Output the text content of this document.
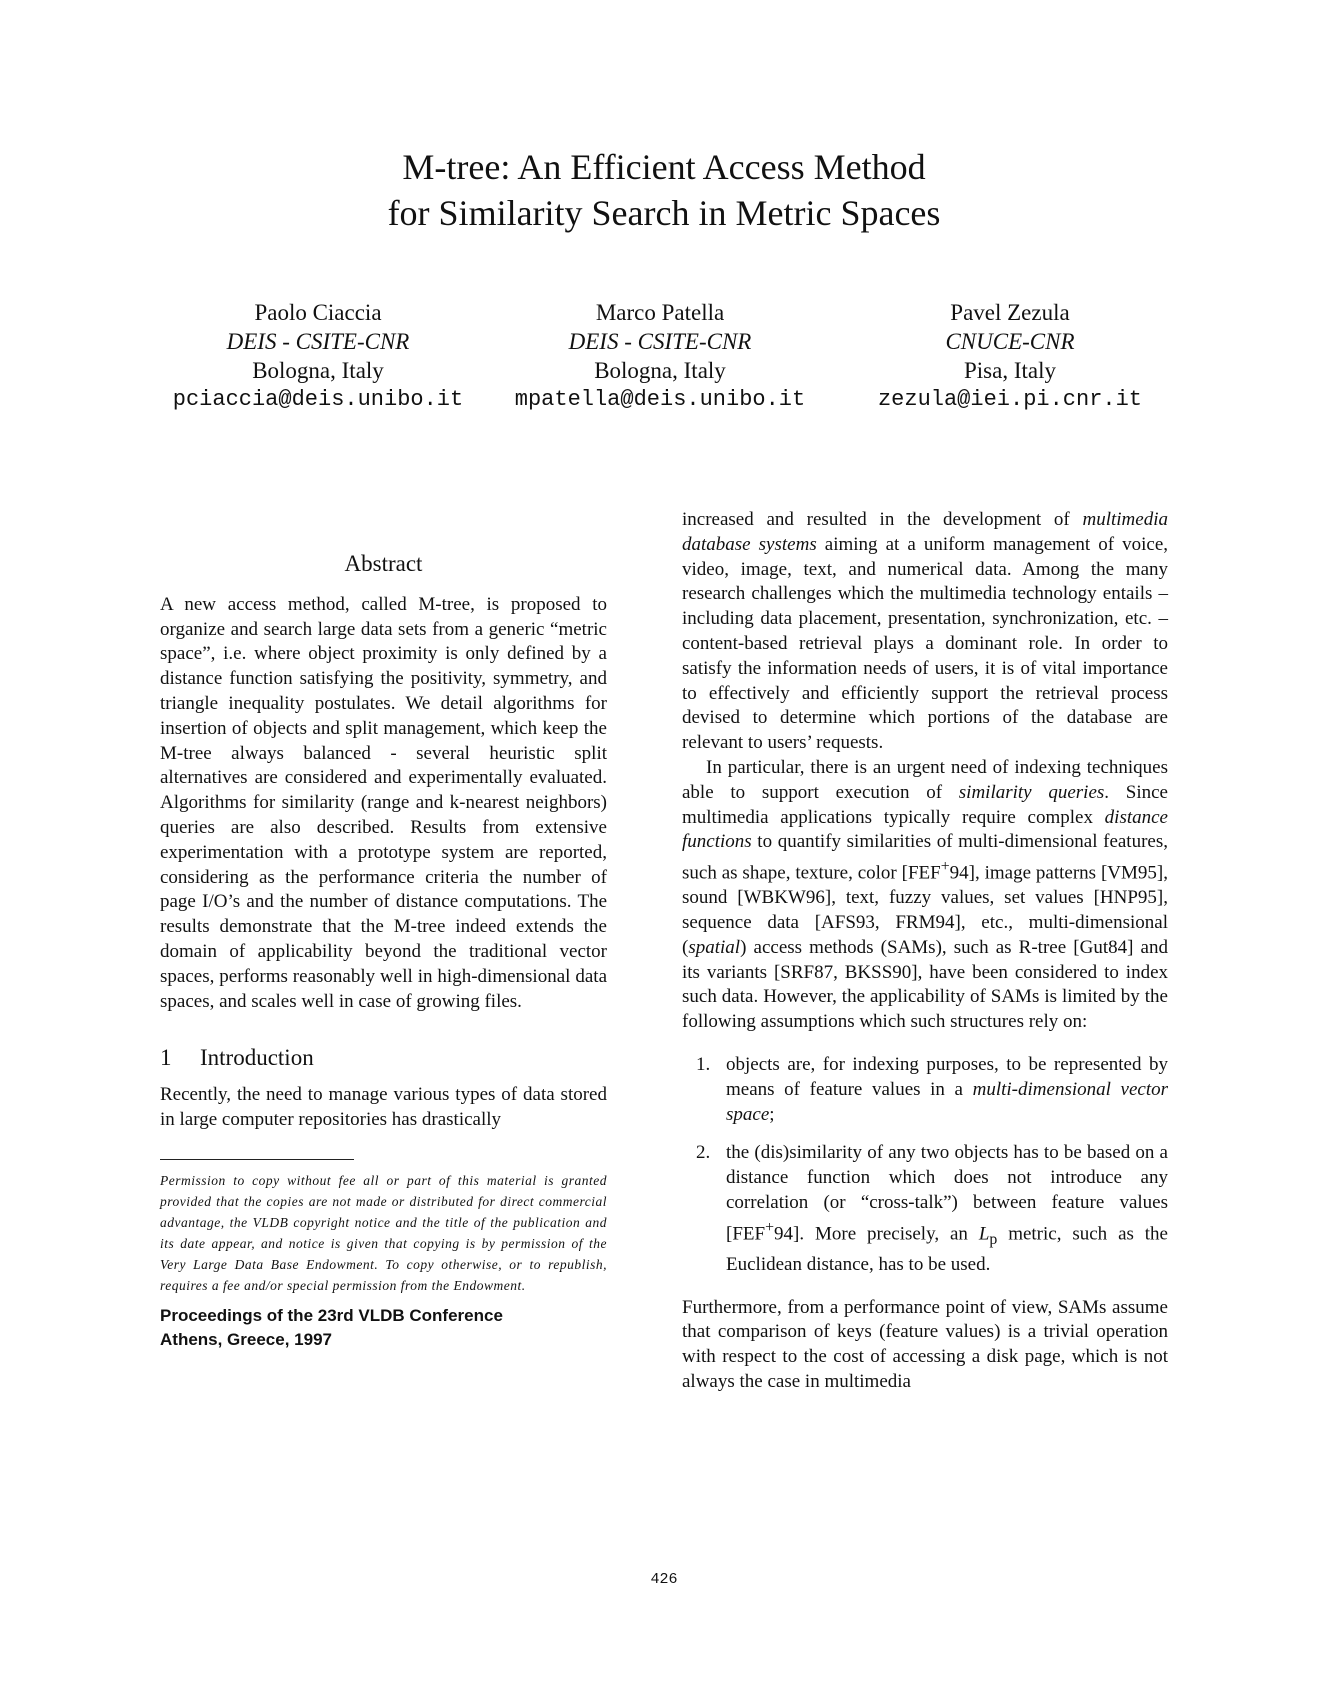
M-tree: An Efficient Access Method
for Similarity Search in Metric Spaces
Paolo Ciaccia
DEIS - CSITE-CNR
Bologna, Italy
pciaccia@deis.unibo.it
Marco Patella
DEIS - CSITE-CNR
Bologna, Italy
mpatella@deis.unibo.it
Pavel Zezula
CNUCE-CNR
Pisa, Italy
zezula@iei.pi.cnr.it
Abstract

A new access method, called M-tree, is proposed to organize and search large data sets from a generic “metric space”, i.e. where object proximity is only defined by a distance function satisfying the positivity, symmetry, and triangle inequality postulates. We detail algorithms for insertion of objects and split management, which keep the M-tree always balanced - several heuristic split alternatives are considered and experimentally evaluated. Algorithms for similarity (range and k-nearest neighbors) queries are also described. Results from extensive experimentation with a prototype system are reported, considering as the performance criteria the number of page I/O’s and the number of distance computations. The results demonstrate that the M-tree indeed extends the domain of applicability beyond the traditional vector spaces, performs reasonably well in high-dimensional data spaces, and scales well in case of growing files.

1 Introduction

Recently, the need to manage various types of data stored in large computer repositories has drastically

Permission to copy without fee all or part of this material is granted provided that the copies are not made or distributed for direct commercial advantage, the VLDB copyright notice and the title of the publication and its date appear, and notice is given that copying is by permission of the Very Large Data Base Endowment. To copy otherwise, or to republish, requires a fee and/or special permission from the Endowment.

Proceedings of the 23rd VLDB Conference
Athens, Greece, 1997

increased and resulted in the development of multimedia database systems aiming at a uniform management of voice, video, image, text, and numerical data. Among the many research challenges which the multimedia technology entails – including data placement, presentation, synchronization, etc. – content-based retrieval plays a dominant role. In order to satisfy the information needs of users, it is of vital importance to effectively and efficiently support the retrieval process devised to determine which portions of the database are relevant to users’ requests.

In particular, there is an urgent need of indexing techniques able to support execution of similarity queries. Since multimedia applications typically require complex distance functions to quantify similarities of multi-dimensional features, such as shape, texture, color [FEF+94], image patterns [VM95], sound [WBKW96], text, fuzzy values, set values [HNP95], sequence data [AFS93, FRM94], etc., multi-dimensional (spatial) access methods (SAMs), such as R-tree [Gut84] and its variants [SRF87, BKSS90], have been considered to index such data. However, the applicability of SAMs is limited by the following assumptions which such structures rely on:

1. objects are, for indexing purposes, to be represented by means of feature values in a multi-dimensional vector space;
2. the (dis)similarity of any two objects has to be based on a distance function which does not introduce any correlation (or “cross-talk”) between feature values [FEF+94]. More precisely, an $L_p$ metric, such as the Euclidean distance, has to be used.

Furthermore, from a performance point of view, SAMs assume that comparison of keys (feature values) is a trivial operation with respect to the cost of accessing a disk page, which is not always the case in multimedia

426
